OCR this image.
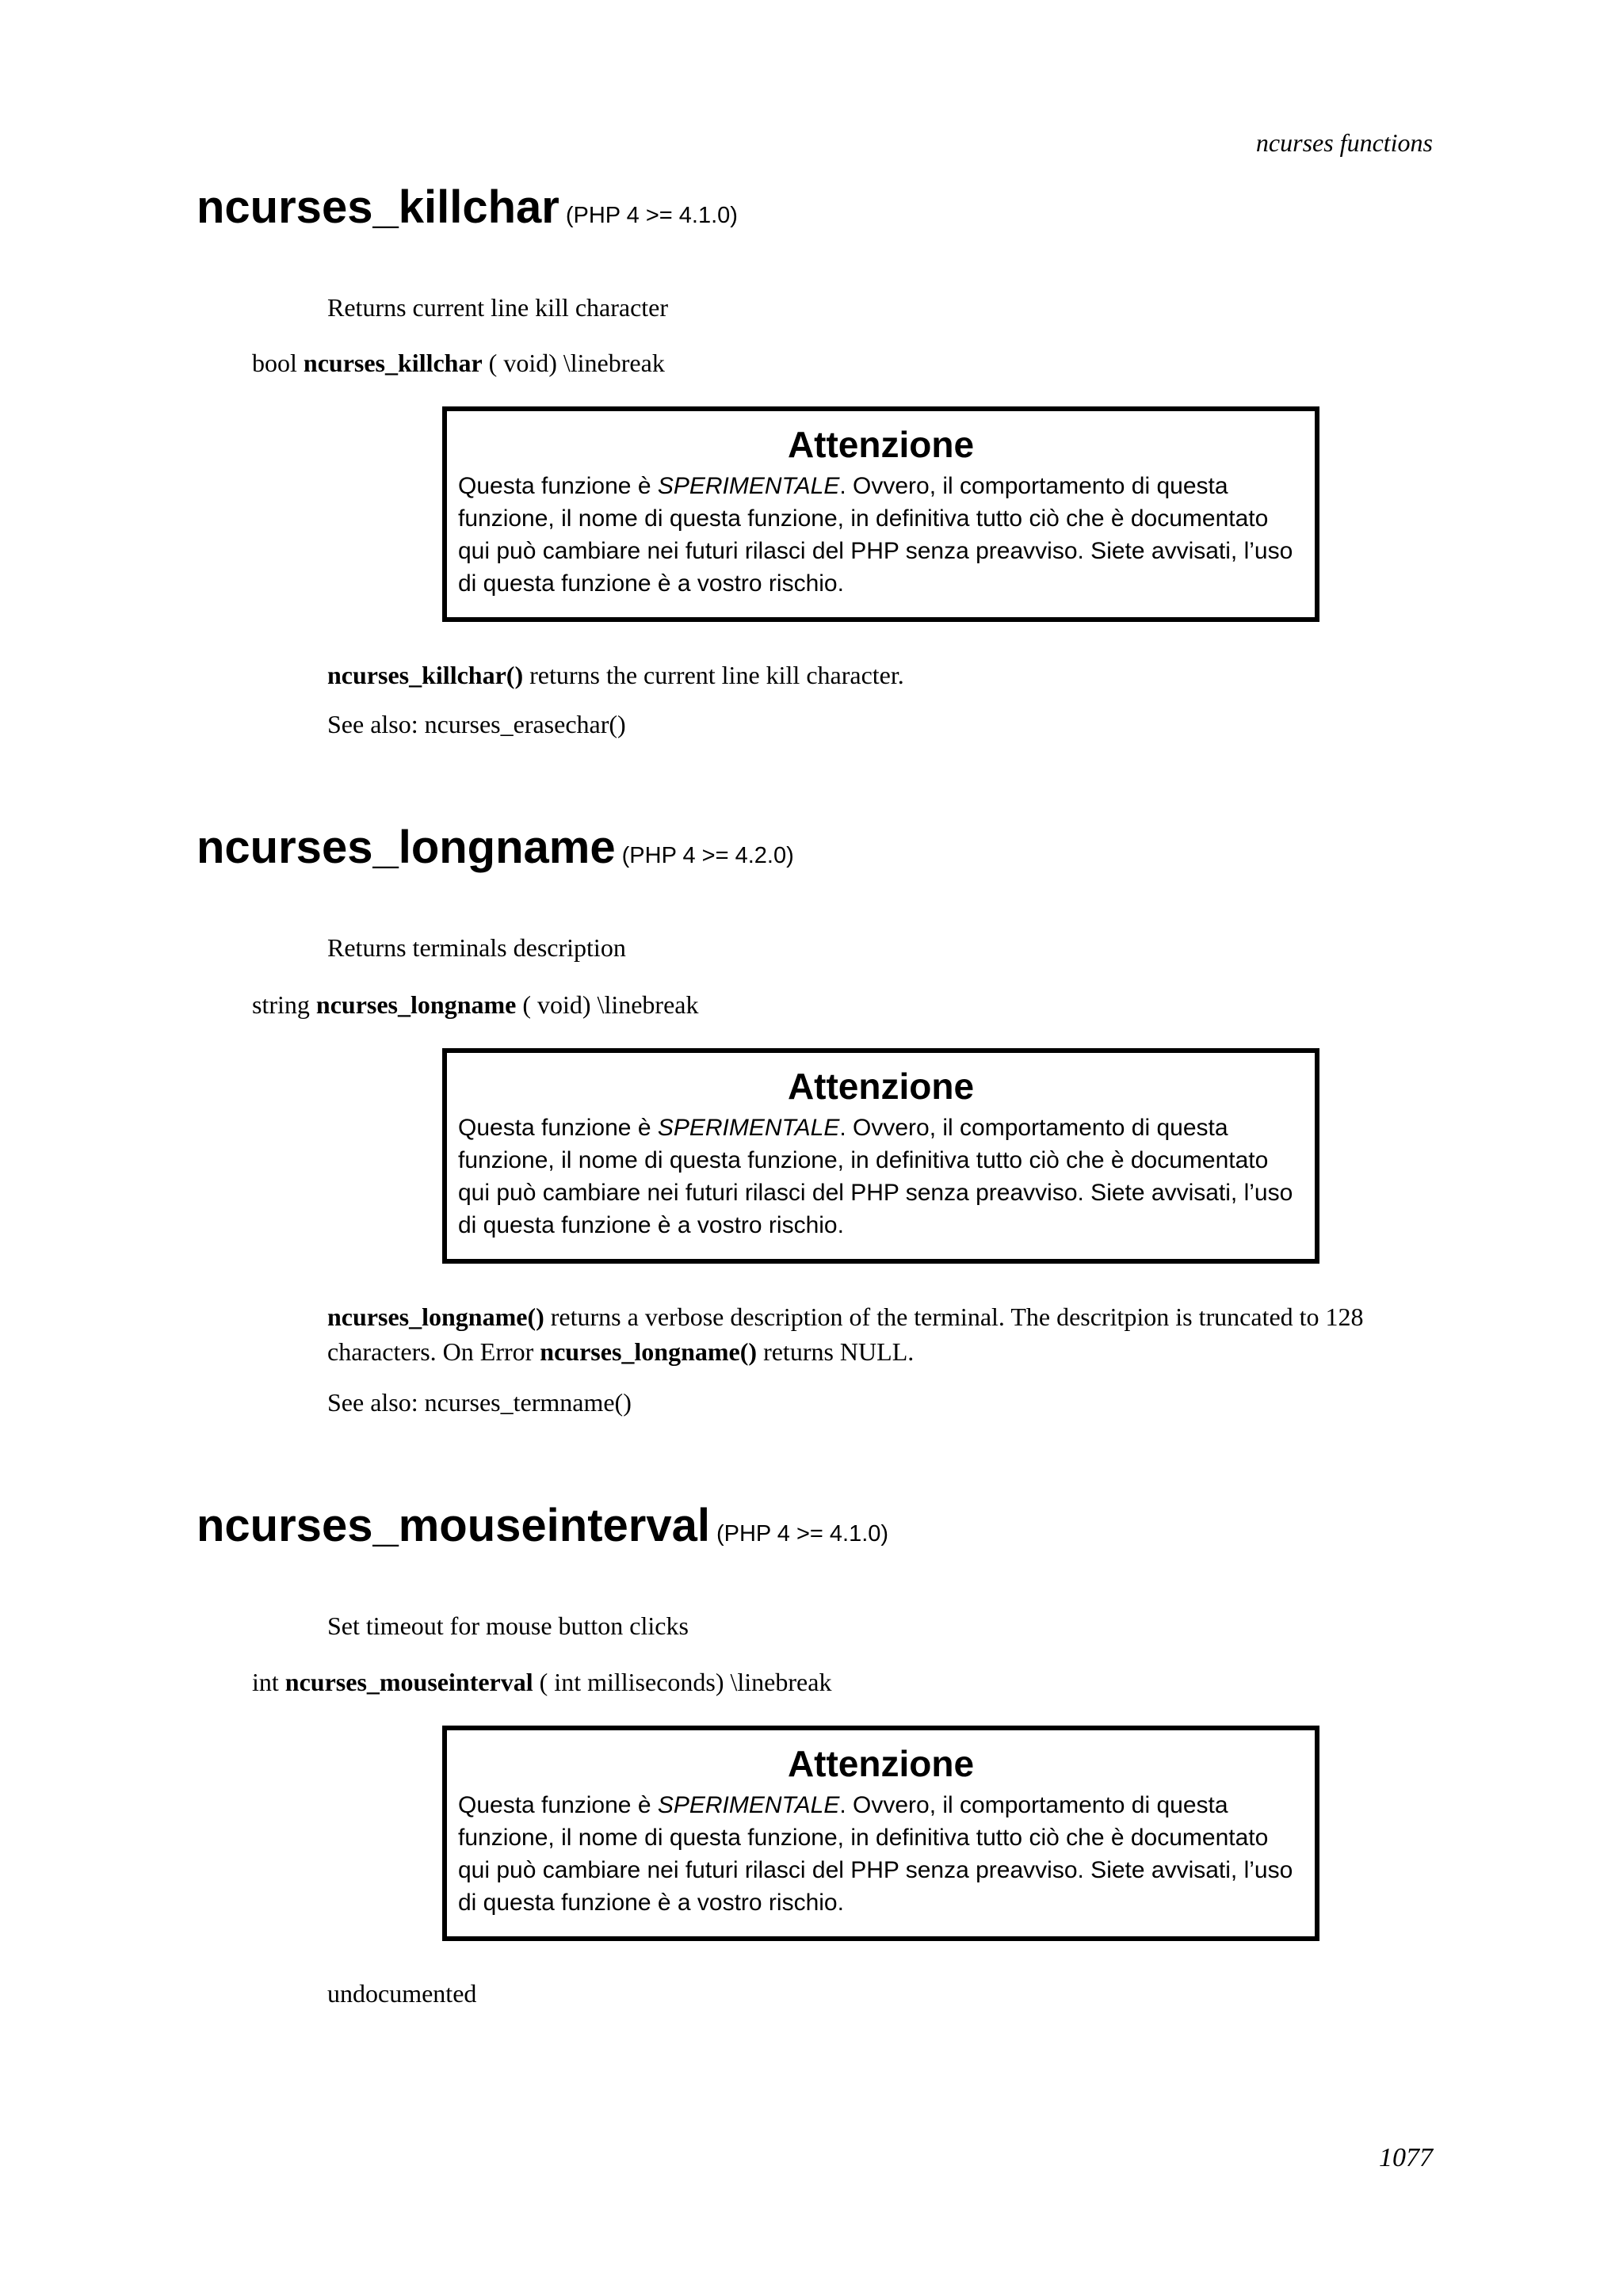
ncurses functions
ncurses_killchar (PHP 4 >= 4.1.0)
Returns current line kill character
bool ncurses_killchar ( void) \linebreak
Attenzione
Questa funzione è SPERIMENTALE. Ovvero, il comportamento di questa funzione, il nome di questa funzione, in definitiva tutto ciò che è documentato qui può cambiare nei futuri rilasci del PHP senza preavviso. Siete avvisati, l’uso di questa funzione è a vostro rischio.
ncurses_killchar() returns the current line kill character.
See also: ncurses_erasechar()
ncurses_longname (PHP 4 >= 4.2.0)
Returns terminals description
string ncurses_longname ( void) \linebreak
Attenzione
Questa funzione è SPERIMENTALE. Ovvero, il comportamento di questa funzione, il nome di questa funzione, in definitiva tutto ciò che è documentato qui può cambiare nei futuri rilasci del PHP senza preavviso. Siete avvisati, l’uso di questa funzione è a vostro rischio.
ncurses_longname() returns a verbose description of the terminal. The descritpion is truncated to 128 characters. On Error ncurses_longname() returns NULL.
See also: ncurses_termname()
ncurses_mouseinterval (PHP 4 >= 4.1.0)
Set timeout for mouse button clicks
int ncurses_mouseinterval ( int milliseconds) \linebreak
Attenzione
Questa funzione è SPERIMENTALE. Ovvero, il comportamento di questa funzione, il nome di questa funzione, in definitiva tutto ciò che è documentato qui può cambiare nei futuri rilasci del PHP senza preavviso. Siete avvisati, l’uso di questa funzione è a vostro rischio.
undocumented
1077
